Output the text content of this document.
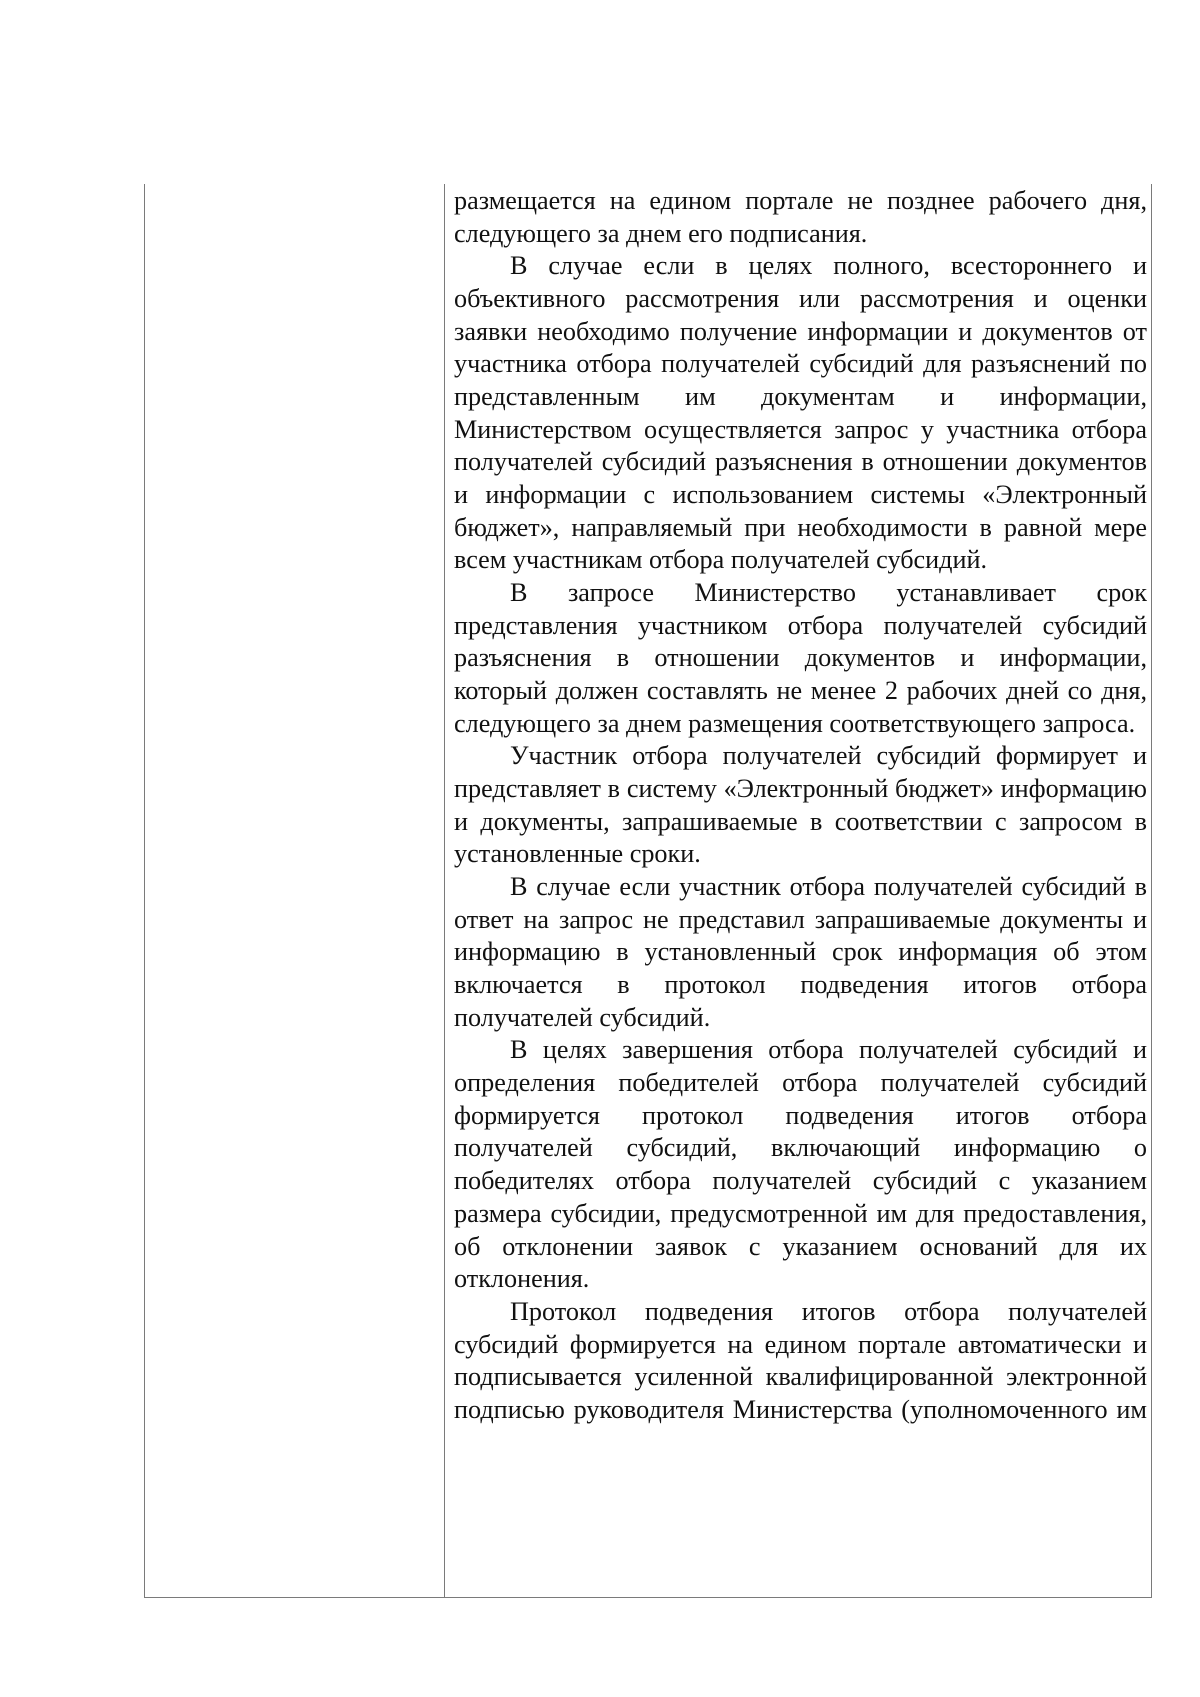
размещается на едином портале не позднее рабочего дня, следующего за днем его подписания.

В случае если в целях полного, всестороннего и объективного рассмотрения или рассмотрения и оценки заявки необходимо получение информации и документов от участника отбора получателей субсидий для разъяснений по представленным им документам и информации, Министерством осуществляется запрос у участника отбора получателей субсидий разъяснения в отношении документов и информации с использованием системы «Электронный бюджет», направляемый при необходимости в равной мере всем участникам отбора получателей субсидий.

В запросе Министерство устанавливает срок представления участником отбора получателей субсидий разъяснения в отношении документов и информации, который должен составлять не менее 2 рабочих дней со дня, следующего за днем размещения соответствующего запроса.

Участник отбора получателей субсидий формирует и представляет в систему «Электронный бюджет» информацию и документы, запрашиваемые в соответствии с запросом в установленные сроки.

В случае если участник отбора получателей субсидий в ответ на запрос не представил запрашиваемые документы и информацию в установленный срок информация об этом включается в протокол подведения итогов отбора получателей субсидий.

В целях завершения отбора получателей субсидий и определения победителей отбора получателей субсидий формируется протокол подведения итогов отбора получателей субсидий, включающий информацию о победителях отбора получателей субсидий с указанием размера субсидии, предусмотренной им для предоставления, об отклонении заявок с указанием оснований для их отклонения.

Протокол подведения итогов отбора получателей субсидий формируется на едином портале автоматически и подписывается усиленной квалифицированной электронной подписью руководителя Министерства (уполномоченного им
